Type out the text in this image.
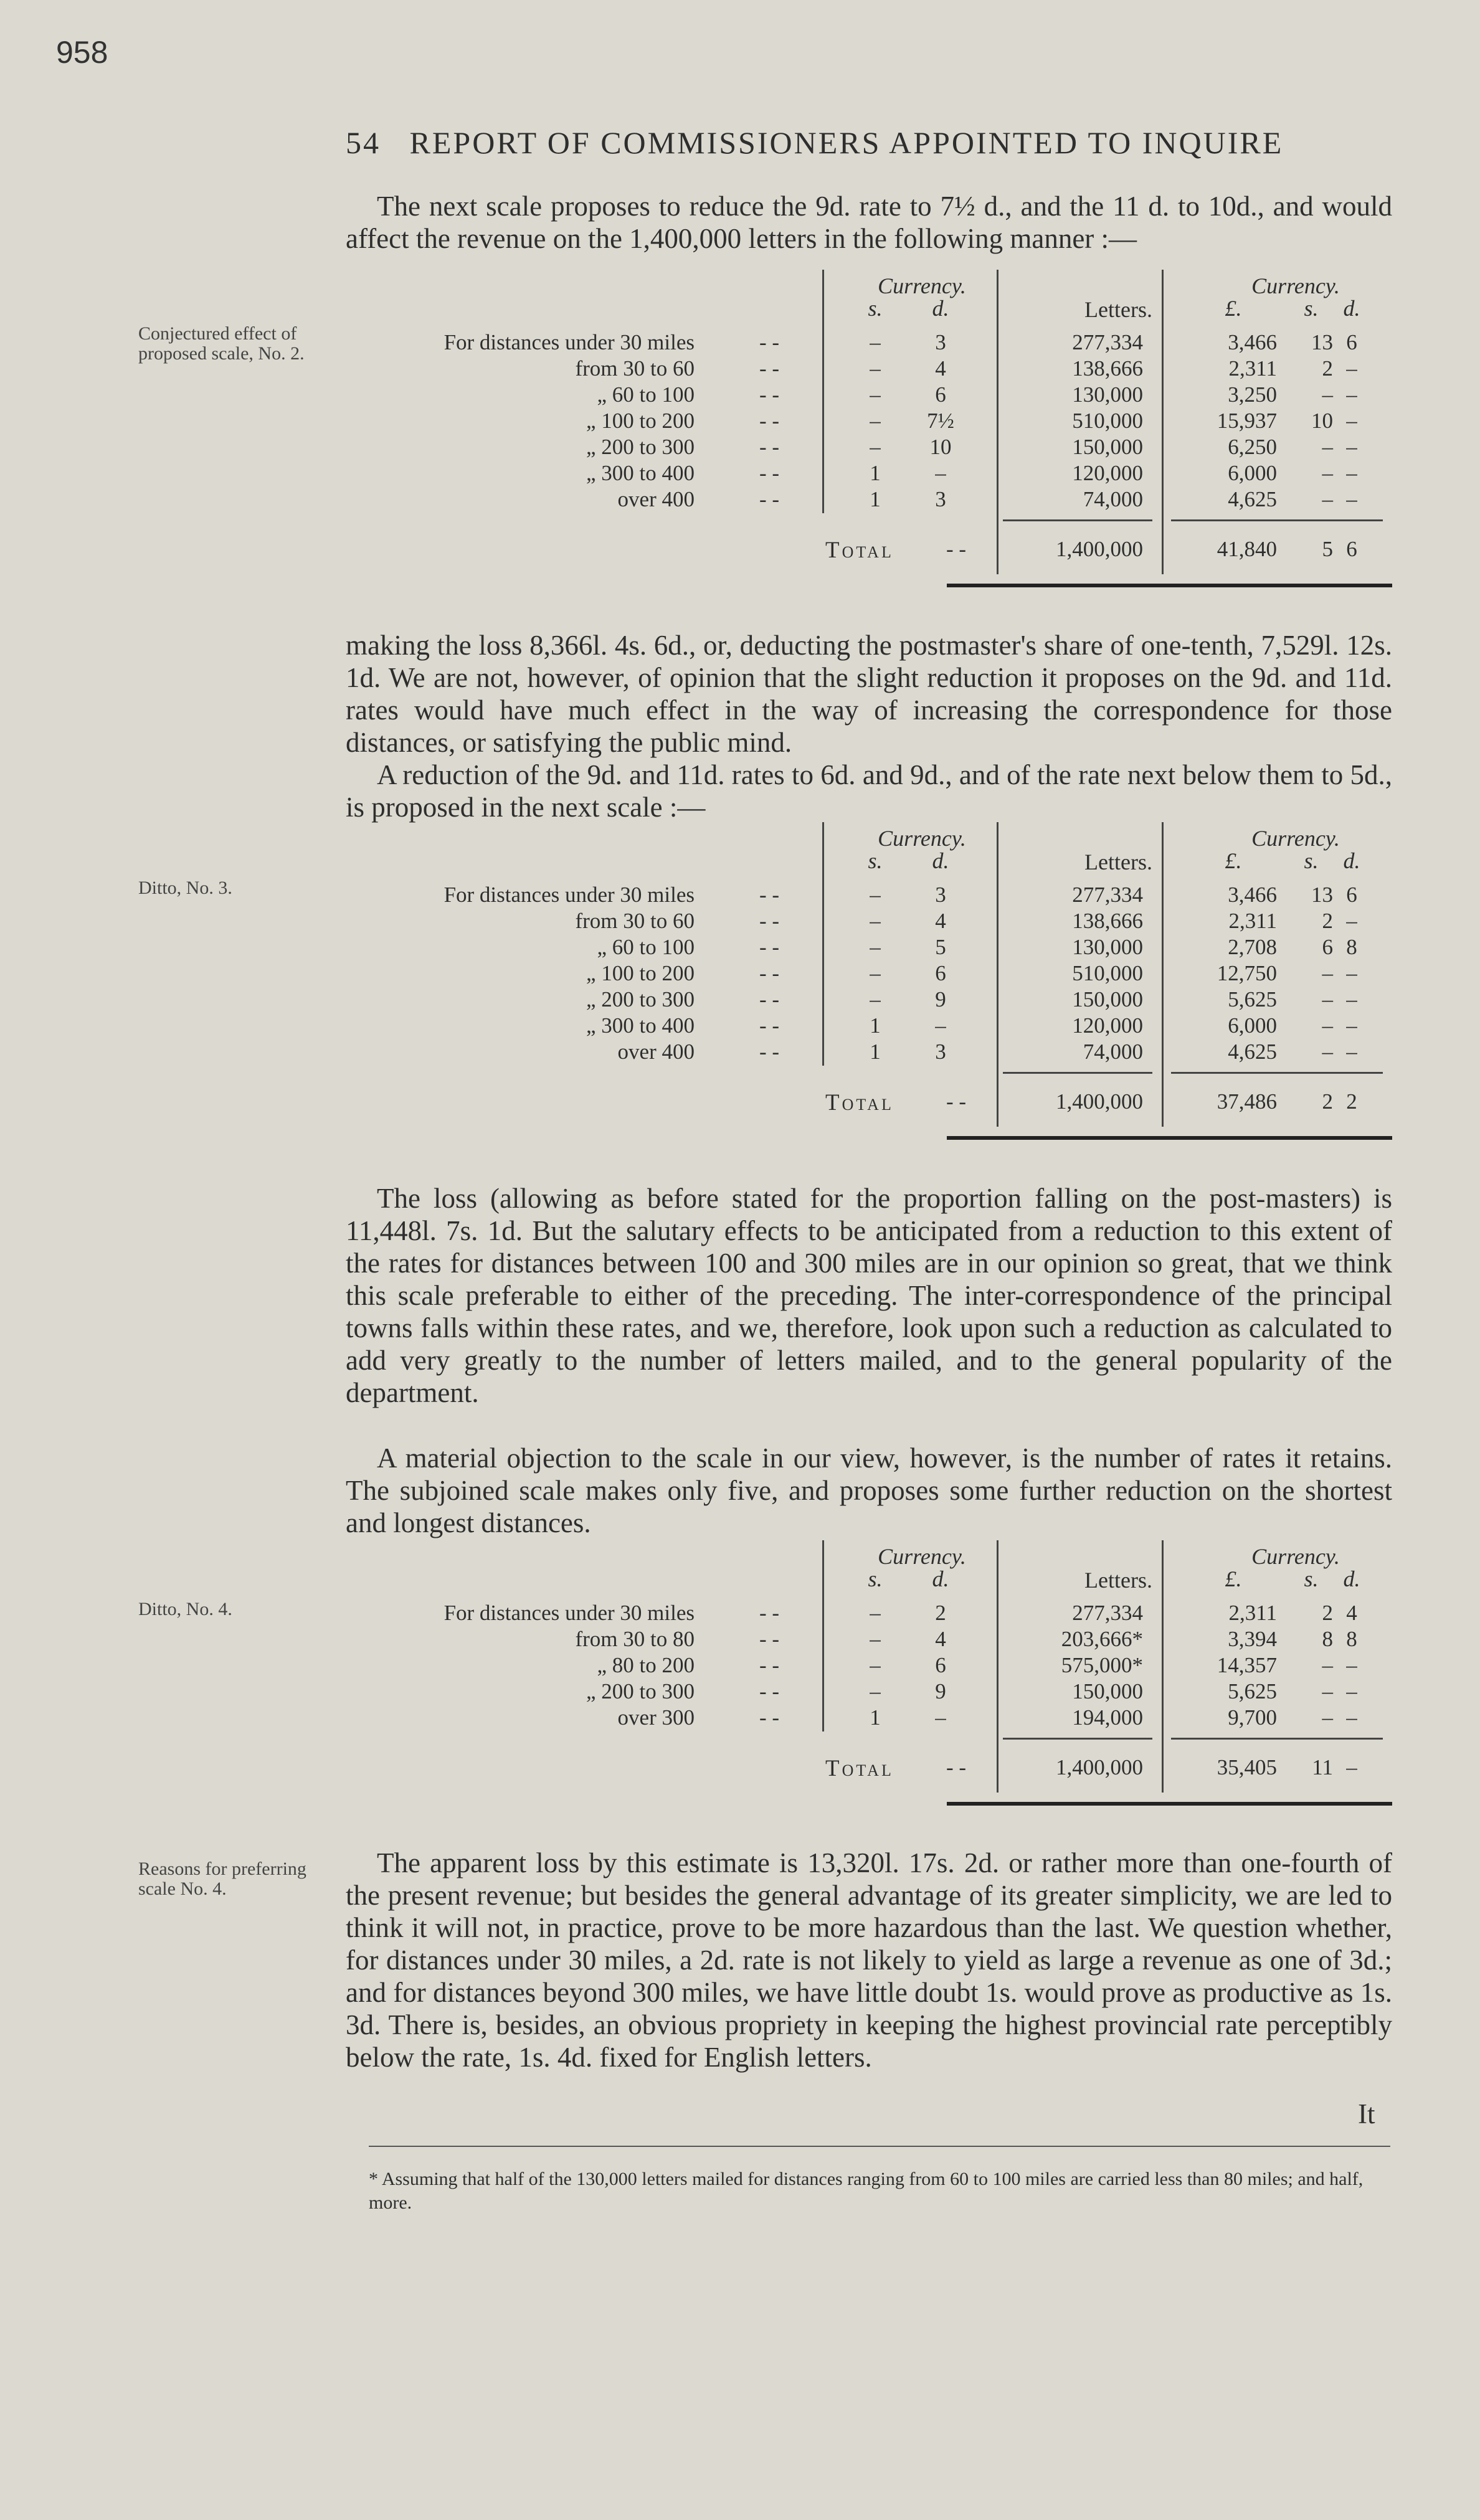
958
54 REPORT OF COMMISSIONERS APPOINTED TO INQUIRE

The next scale proposes to reduce the 9d. rate to 7½ d., and the 11 d. to 10d., and would affect the revenue on the 1,400,000 letters in the following manner :—

Conjectured effect of proposed scale, No. 2.

Currency.	Currency.
s.	d.	Letters.	£.	s.	d.
For distances under 30 miles	- -	–	3	277,334	3,466	13 6
from 30 to 60	- -	–	4	138,666	2,311	2 –
„ 60 to 100	- -	–	6	130,000	3,250	– –
„ 100 to 200	- -	–	7½	510,000	15,937	10 –
„ 200 to 300	- -	–	10	150,000	6,250	– –
„ 300 to 400	- -	1	–	120,000	6,000	– –
over 400	- -	1	3	74,000	4,625	– –
Total	- -	1,400,000	41,840	5 6

making the loss 8,366l. 4s. 6d., or, deducting the postmaster's share of one-tenth, 7,529l. 12s. 1d. We are not, however, of opinion that the slight reduction it proposes on the 9d. and 11d. rates would have much effect in the way of increasing the correspondence for those distances, or satisfying the public mind.

A reduction of the 9d. and 11d. rates to 6d. and 9d., and of the rate next below them to 5d., is proposed in the next scale :—

Ditto, No. 3.

Currency.	Currency.
s.	d.	Letters.	£.	s.	d.
For distances under 30 miles	- -	–	3	277,334	3,466	13 6
from 30 to 60	- -	–	4	138,666	2,311	2 –
„ 60 to 100	- -	–	5	130,000	2,708	6 8
„ 100 to 200	- -	–	6	510,000	12,750	– –
„ 200 to 300	- -	–	9	150,000	5,625	– –
„ 300 to 400	- -	1	–	120,000	6,000	– –
over 400	- -	1	3	74,000	4,625	– –
Total	- -	1,400,000	37,486	2 2

The loss (allowing as before stated for the proportion falling on the post-masters) is 11,448l. 7s. 1d. But the salutary effects to be anticipated from a reduction to this extent of the rates for distances between 100 and 300 miles are in our opinion so great, that we think this scale preferable to either of the preceding. The inter-correspondence of the principal towns falls within these rates, and we, therefore, look upon such a reduction as calculated to add very greatly to the number of letters mailed, and to the general popularity of the department.

A material objection to the scale in our view, however, is the number of rates it retains. The subjoined scale makes only five, and proposes some further reduction on the shortest and longest distances.

Ditto, No. 4.

Currency.	Currency.
s.	d.	Letters.	£.	s.	d.
For distances under 30 miles	- -	–	2	277,334	2,311	2 4
from 30 to 80	- -	–	4	203,666*	3,394	8 8
„ 80 to 200	- -	–	6	575,000*	14,357	– –
„ 200 to 300	- -	–	9	150,000	5,625	– –
over 300	- -	1	–	194,000	9,700	– –
Total	- -	1,400,000	35,405	11 –

Reasons for preferring scale No. 4.

The apparent loss by this estimate is 13,320l. 17s. 2d. or rather more than one-fourth of the present revenue; but besides the general advantage of its greater simplicity, we are led to think it will not, in practice, prove to be more hazardous than the last. We question whether, for distances under 30 miles, a 2d. rate is not likely to yield as large a revenue as one of 3d.; and for distances beyond 300 miles, we have little doubt 1s. would prove as productive as 1s. 3d. There is, besides, an obvious propriety in keeping the highest provincial rate perceptibly below the rate, 1s. 4d. fixed for English letters.

It
* Assuming that half of the 130,000 letters mailed for distances ranging from 60 to 100 miles are carried less than 80 miles; and half, more.
